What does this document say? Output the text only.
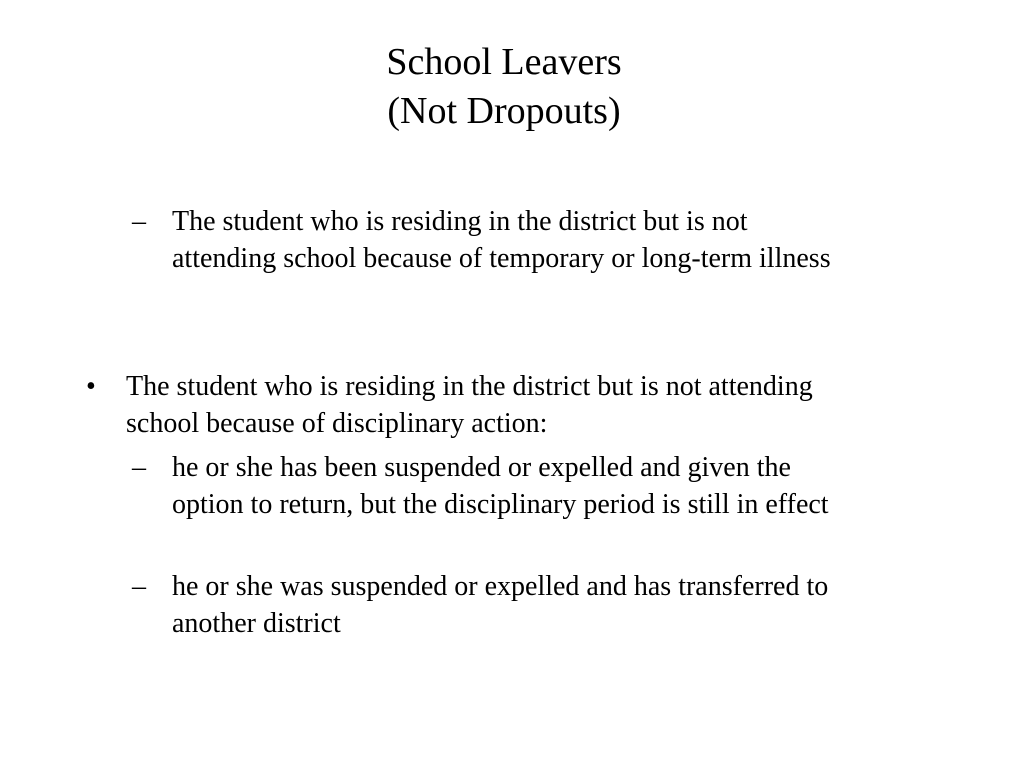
School Leavers
(Not Dropouts)
– The student who is residing in the district but is not attending school because of temporary or long-term illness
• The student who is residing in the district but is not attending school because of disciplinary action:
– he or she has been suspended or expelled and given the option to return, but the disciplinary period is still in effect
– he or she was suspended or expelled and has transferred to another district
